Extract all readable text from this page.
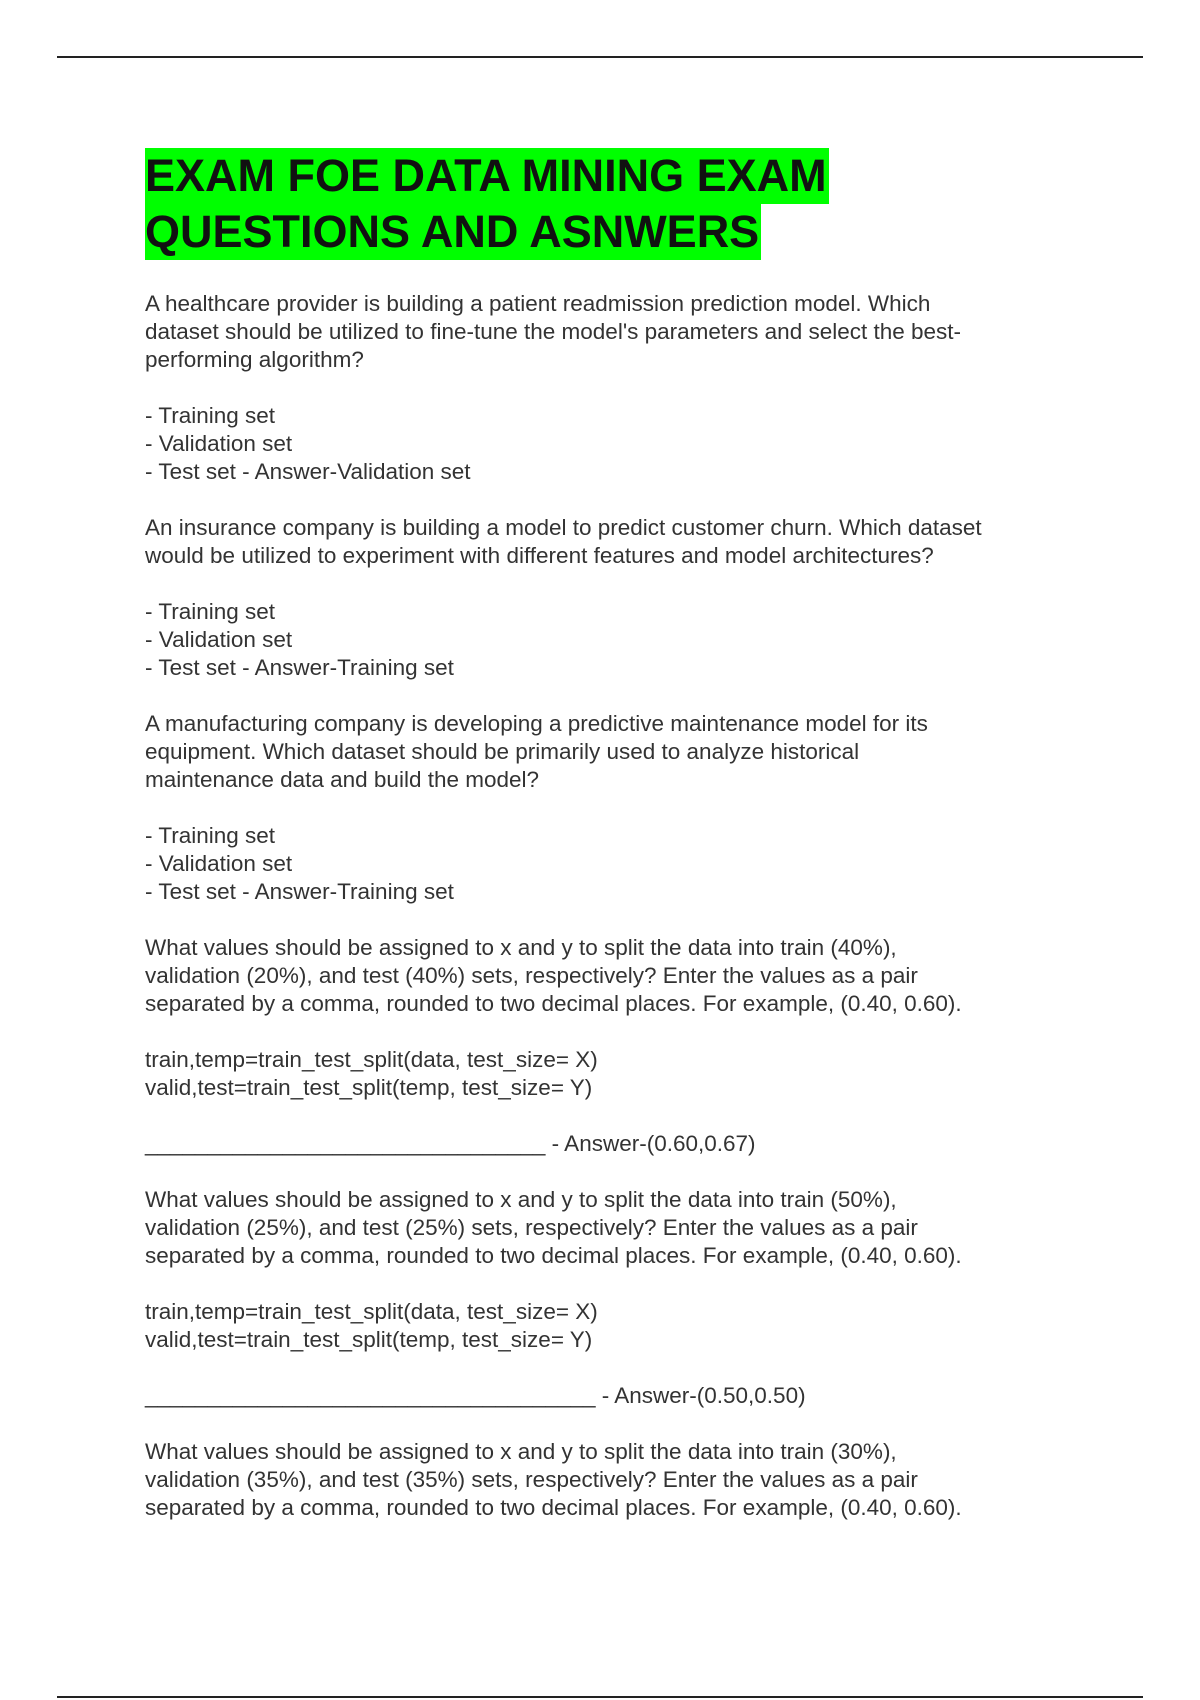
EXAM FOE DATA MINING EXAM
QUESTIONS AND ASNWERS

A healthcare provider is building a patient readmission prediction model. Which
dataset should be utilized to fine-tune the model's parameters and select the best-
performing algorithm?

- Training set
- Validation set
- Test set - Answer-Validation set

An insurance company is building a model to predict customer churn. Which dataset
would be utilized to experiment with different features and model architectures?

- Training set
- Validation set
- Test set - Answer-Training set

A manufacturing company is developing a predictive maintenance model for its
equipment. Which dataset should be primarily used to analyze historical
maintenance data and build the model?

- Training set
- Validation set
- Test set - Answer-Training set

What values should be assigned to x and y to split the data into train (40%),
validation (20%), and test (40%) sets, respectively? Enter the values as a pair
separated by a comma, rounded to two decimal places. For example, (0.40, 0.60).

train,temp=train_test_split(data, test_size= X)
valid,test=train_test_split(temp, test_size= Y)

________________________________ - Answer-(0.60,0.67)

What values should be assigned to x and y to split the data into train (50%),
validation (25%), and test (25%) sets, respectively? Enter the values as a pair
separated by a comma, rounded to two decimal places. For example, (0.40, 0.60).

train,temp=train_test_split(data, test_size= X)
valid,test=train_test_split(temp, test_size= Y)

____________________________________ - Answer-(0.50,0.50)

What values should be assigned to x and y to split the data into train (30%),
validation (35%), and test (35%) sets, respectively? Enter the values as a pair
separated by a comma, rounded to two decimal places. For example, (0.40, 0.60).
